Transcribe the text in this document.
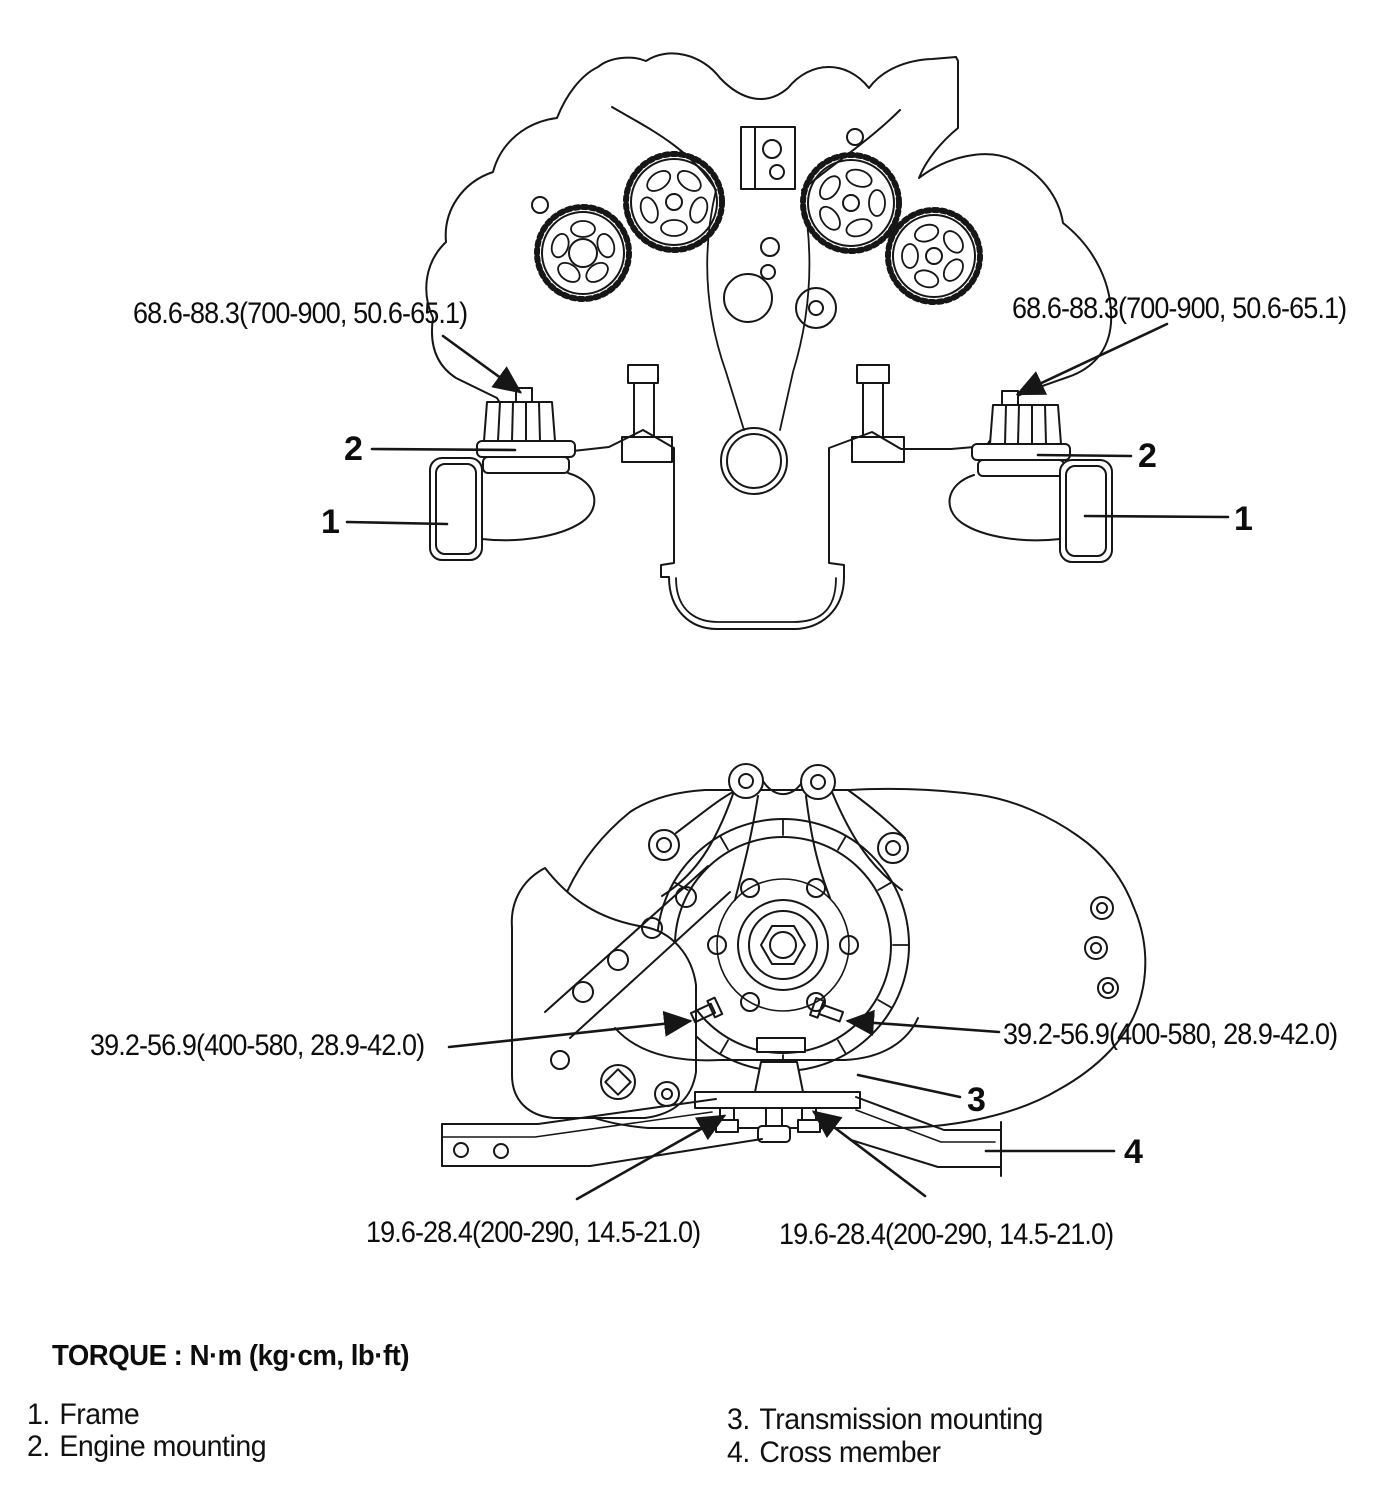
68.6-88.3(700-900, 50.6-65.1)	68.6-88.3(700-900, 50.6-65.1)
2
1
2
1
39.2-56.9(400-580, 28.9-42.0)	39.2-56.9(400-580, 28.9-42.0)
3
4
19.6-28.4(200-290, 14.5-21.0)	19.6-28.4(200-290, 14.5-21.0)
TORQUE : N·m (kg·cm, lb·ft)
1. Frame
2. Engine mounting
3. Transmission mounting
4. Cross member
